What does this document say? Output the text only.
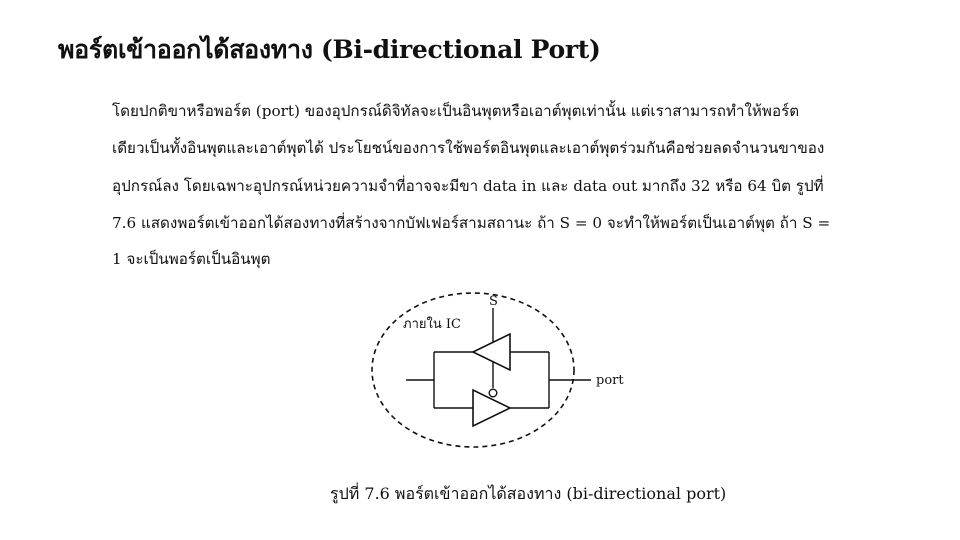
พอร์ตเข้าออกได้สองทาง (Bi-directional Port)
โดยปกติขาหรือพอร์ต (port) ของอุปกรณ์ดิจิทัลจะเป็นอินพุตหรือเอาต์พุตเท่านั้น แต่เราสามารถทำให้พอร์ต
เดียวเป็นทั้งอินพุตและเอาต์พุตได้ ประโยชน์ของการใช้พอร์ตอินพุตและเอาต์พุตร่วมกันคือช่วยลดจำนวนขาของ
อุปกรณ์ลง โดยเฉพาะอุปกรณ์หน่วยความจำที่อาจจะมีขา data in และ data out มากถึง 32 หรือ 64 บิต รูปที่
7.6 แสดงพอร์ตเข้าออกได้สองทางที่สร้างจากบัฟเฟอร์สามสถานะ ถ้า S = 0 จะทำให้พอร์ตเป็นเอาต์พุต ถ้า S =
1 จะเป็นพอร์ตเป็นอินพุต
S
ภายใน IC
port
รูปที่ 7.6 พอร์ตเข้าออกได้สองทาง (bi-directional port)
